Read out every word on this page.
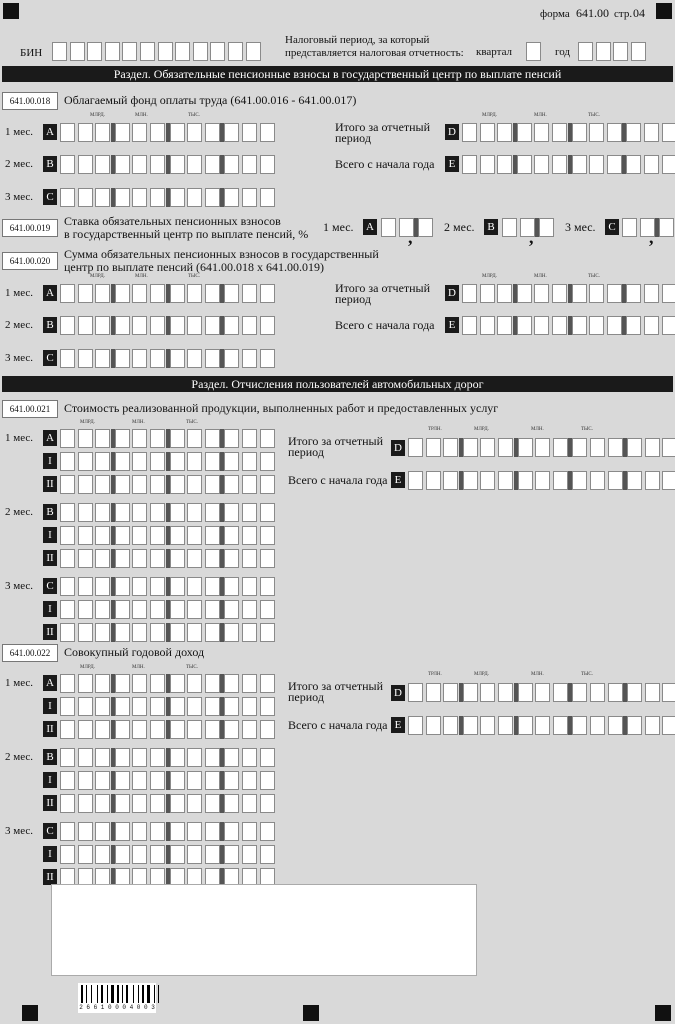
форма 641.00 стр. 04
БИН
Налоговый период, за который
представляется налоговая отчетность: квартал	год
Раздел. Обязательные пенсионные взносы в государственный центр по выплате пенсий
641.00.018	Облагаемый фонд оплаты труда (641.00.016 - 641.00.017)
МЛРД.	МЛН.	ТЫС.
1 мес. A
2 мес.	B
3 мес.	C
МЛРД.	МЛН.	ТЫС.
Итого за отчетный
период	D
Всего с начала года	E
641.00.019	Ставка обязательных пенсионных взносов
в государственный центр по выплате пенсий, % 1 мес. A ,	2 мес.	B ,	3 мес.	C ,
641.00.020	Сумма обязательных пенсионных взносов в государственный
центр по выплате пенсий (641.00.018 x 641.00.019)
МЛРД.	МЛН.	ТЫС.
1 мес. A
2 мес.	B
3 мес.	C
МЛРД.	МЛН.	ТЫС.
Итого за отчетный
период	D
Всего с начала года	E
Раздел. Отчисления пользователей автомобильных дорог
641.00.021	Стоимость реализованной продукции, выполненных работ и предоставленных услуг
МЛРД.	МЛН.	ТЫС.
1 мес. A
I
II
2 мес.	B
I
II
3 мес.	C
I
II
ТРЛН.	МЛРД.	МЛН.	ТЫС.
Итого за отчетный
период	D
Всего с начала года E
641.00.022	Совокупный годовой доход
МЛРД.	МЛН.	ТЫС.
1 мес. A
I
II
2 мес.	B
I
II
3 мес.	C
I
II
ТРЛН.	МЛРД.	МЛН.	ТЫС.
Итого за отчетный
период	D
Всего с начала года E
2 6 6 1 0 0 0 4 0 0 3
